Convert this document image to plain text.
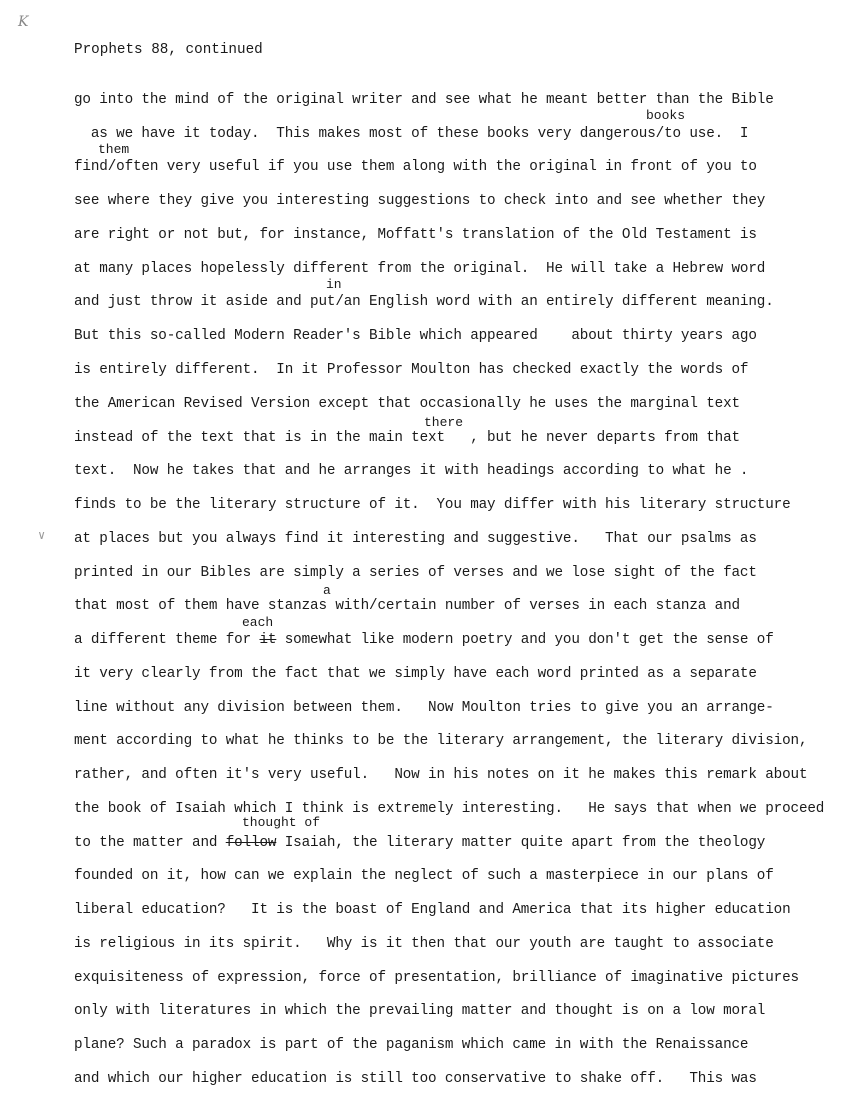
K
Prophets 88, continued
books
them
in
there
a
each
thought of
∨
go into the mind of the original writer and see what he meant better than the Bible
as we have it today.  This makes most of these books very dangerous/to use.  I
find/often very useful if you use them along with the original in front of you to
see where they give you interesting suggestions to check into and see whether they
are right or not but, for instance, Moffatt's translation of the Old Testament is
at many places hopelessly different from the original.  He will take a Hebrew word
and just throw it aside and put/an English word with an entirely different meaning.
But this so-called Modern Reader's Bible which appeared    about thirty years ago
is entirely different.  In it Professor Moulton has checked exactly the words of
the American Revised Version except that occasionally he uses the marginal text
instead of the text that is in the main text   , but he never departs from that
text.  Now he takes that and he arranges it with headings according to what he .
finds to be the literary structure of it.  You may differ with his literary structure
at places but you always find it interesting and suggestive.   That our psalms as
printed in our Bibles are simply a series of verses and we lose sight of the fact
that most of them have stanzas with/certain number of verses in each stanza and
a different theme for it somewhat like modern poetry and you don't get the sense of
it very clearly from the fact that we simply have each word printed as a separate
line without any division between them.   Now Moulton tries to give you an arrange-
ment according to what he thinks to be the literary arrangement, the literary division,
rather, and often it's very useful.   Now in his notes on it he makes this remark about
the book of Isaiah which I think is extremely interesting.   He says that when we proceed
to the matter and follow Isaiah, the literary matter quite apart from the theology
founded on it, how can we explain the neglect of such a masterpiece in our plans of
liberal education?   It is the boast of England and America that its higher education
is religious in its spirit.   Why is it then that our youth are taught to associate
exquisiteness of expression, force of presentation, brilliance of imaginative pictures
only with literatures in which the prevailing matter and thought is on a low moral
plane? Such a paradox is part of the paganism which came in with the Renaissance
and which our higher education is still too conservative to shake off.   This was
